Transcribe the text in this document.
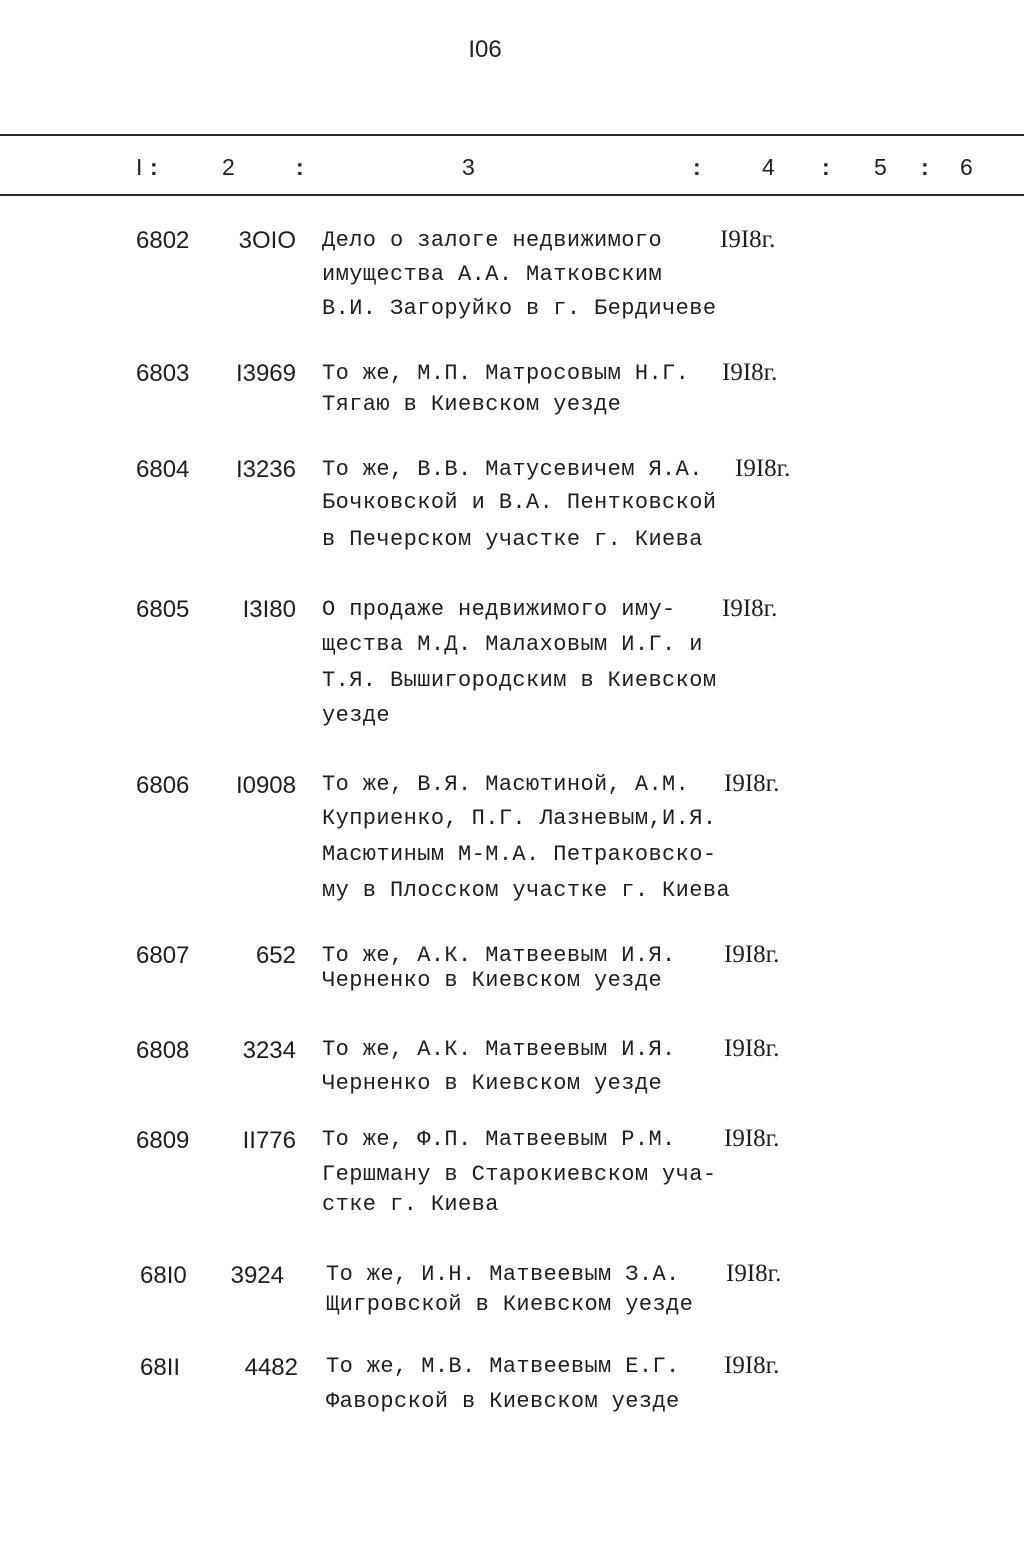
I06
I :	2	:	3	:	4 : 5 : 6
6802	3OIO Дело о залоге недвижимого
имущества А.А. Матковским
В.И. Загоруйко в г. Бердичеве
I9I8г.
6803	I3969 То же, М.П. Матросовым Н.Г.
Тягаю в Киевском уезде
I9I8г.
6804	I3236 То же, В.В. Матусевичем Я.А.
Бочковской и В.А. Пентковской
в Печерском участке г. Киева
I9I8г.
6805	I3I80 О продаже недвижимого иму-
щества М.Д. Малаховым И.Г. и
Т.Я. Вышигородским в Киевском
уезде
I9I8г.
6806	I0908 То же, В.Я. Масютиной, А.М.
Куприенко, П.Г. Лазневым,И.Я.
Масютиным М-М.А. Петраковско-
му в Плосском участке г. Киева
I9I8г.
6807	652 То же, А.К. Матвеевым И.Я.
Черненко в Киевском уезде
I9I8г.
6808	3234 То же, А.К. Матвеевым И.Я.
Черненко в Киевском уезде
I9I8г.
6809	II776 То же, Ф.П. Матвеевым Р.М.
Гершману в Старокиевском уча-
стке г. Киева
I9I8г.
68I0	3924 То же, И.Н. Матвеевым З.А.
Щигровской в Киевском уезде
I9I8г.
68II	4482 То же, М.В. Матвеевым Е.Г.
Фаворской в Киевском уезде
I9I8г.
